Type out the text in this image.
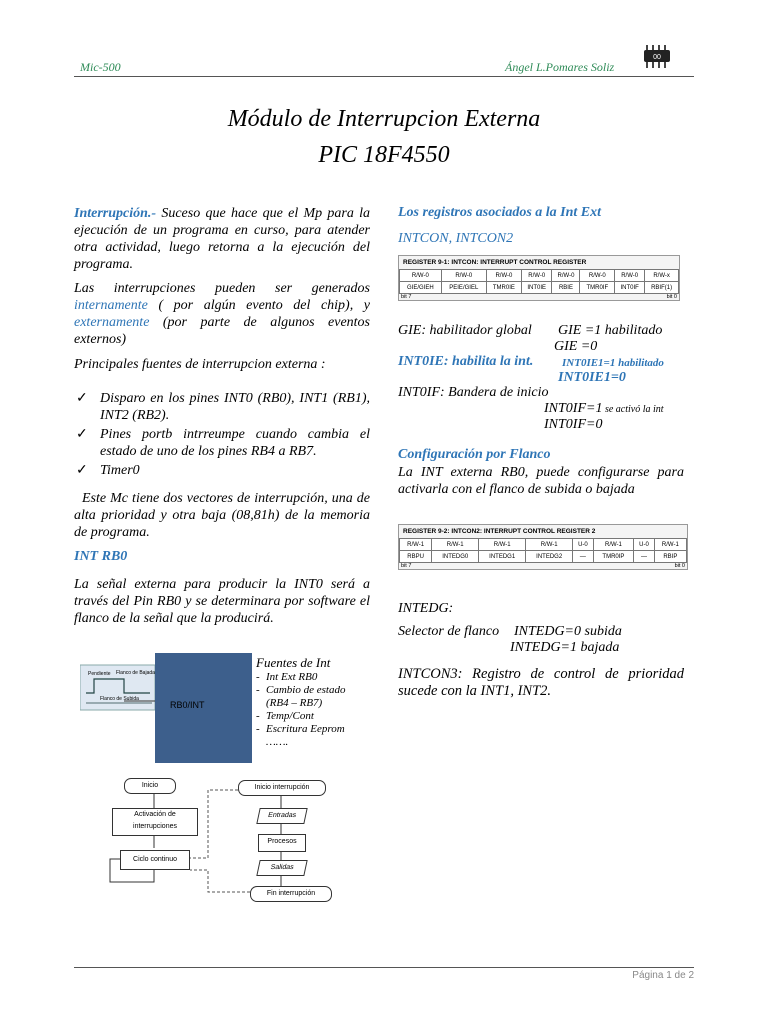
Mic-500	Ángel L.Pomares Soliz
00
Módulo de Interrupcion Externa
PIC 18F4550
Interrupción.- Suceso que hace que el Mp para la ejecución de un programa en curso, para atender otra actividad, luego retorna a la ejecución del programa.
Las interrupciones pueden ser generados internamente ( por algún evento del chip), y externamente (por parte de algunos eventos externos)
Principales fuentes de interrupcion externa :
✓ Disparo en los pines INT0 (RB0), INT1 (RB1), INT2 (RB2).
✓ Pines portb intrreumpe cuando cambia el estado de uno de los pines RB4 a RB7.
✓ Timer0
Este Mc tiene dos vectores de interrupción, una de alta prioridad y otra baja (08,81h) de la memoria de programa.
INT RB0
La señal externa para producir la INT0 será a través del Pin RB0 y se determinara por software el flanco de la señal que la producirá.
Pendiente Flanco de Bajada
Flanco de Subida
RB0/INT
Fuentes de Int
- Int Ext RB0
- Cambio de estado
(RB4 – RB7)
- Temp/Cont
- Escritura Eeprom
…….
Inicio
Activación de interrupciones
Ciclo continuo
Inicio interrupción
Entradas
Procesos
Salidas
Fin interrupción
Los registros asociados a la Int Ext
INTCON, INTCON2
REGISTER 9-1: INTCON: INTERRUPT CONTROL REGISTER
R/W-0	R/W-0	R/W-0	R/W-0	R/W-0	R/W-0	R/W-0	R/W-x
GIE/GIEH	PEIE/GIEL	TMR0IE	INT0IE	RBIE	TMR0IF	INT0IF	RBIF(1)
bit 7	bit 0
GIE: habilitador global GIE =1 habilitado
GIE =0
INT0IE: habilita la int.	INT0IE1=1 habilitado
INT0IE1=0
INT0IF: Bandera de inicio
INT0IF=1 se activó la int
INT0IF=0
Configuración por Flanco
La INT externa RB0, puede configurarse para activarla con el flanco de subida o bajada
REGISTER 9-2: INTCON2: INTERRUPT CONTROL REGISTER 2
R/W-1	R/W-1	R/W-1	R/W-1	U-0	R/W-1	U-0	R/W-1
RBPU	INTEDG0	INTEDG1	INTEDG2	—	TMR0IP	—	RBIP
bit 7	bit 0
INTEDG:
Selector de flanco INTEDG=0 subida
INTEDG=1 bajada
INTCON3: Registro de control de prioridad sucede con la INT1, INT2.
Página 1 de 2
